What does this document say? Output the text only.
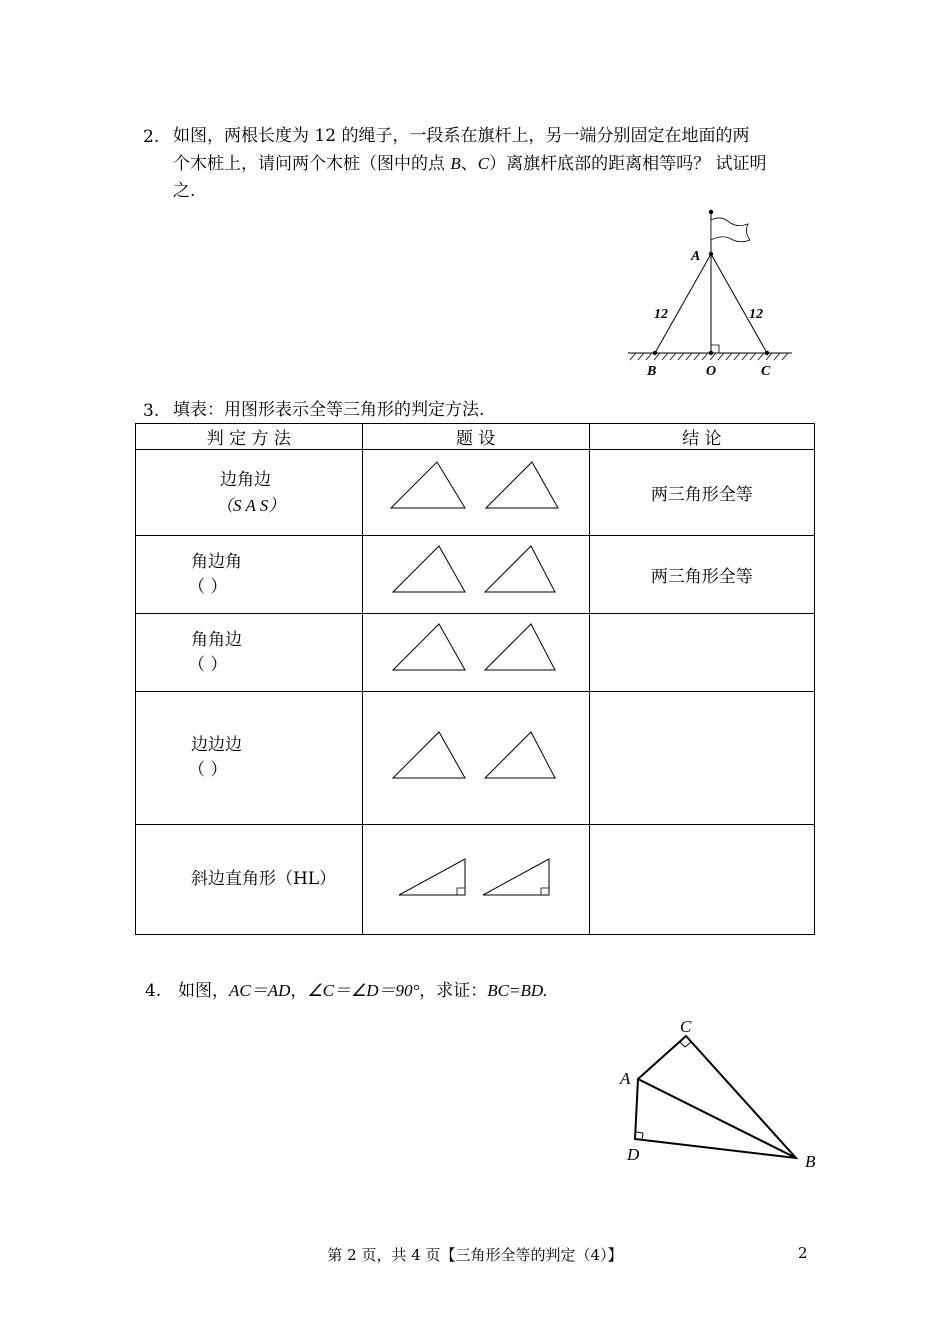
2. 如图，两根长度为 12 的绳子，一段系在旗杆上，另一端分别固定在地面的两
个木桩上，请问两个木桩（图中的点 B、C）离旗杆底部的距离相等吗？ 试证明
之.
A
12	12
B	O	C
3. 填表：用图形表示全等三角形的判定方法.
判 定 方 法	题 设	结 论

边角边
（S A S）		两三角形全等

角边角
（ ）		两三角形全等

角角边
（ ）

边边边
（ ）

斜边直角形（HL）

4. 如图，AC＝AD，∠C＝∠D＝90°，求证：BC=BD.
C
A
D	B
第 2 页，共 4 页【三角形全等的判定（4）】	2
